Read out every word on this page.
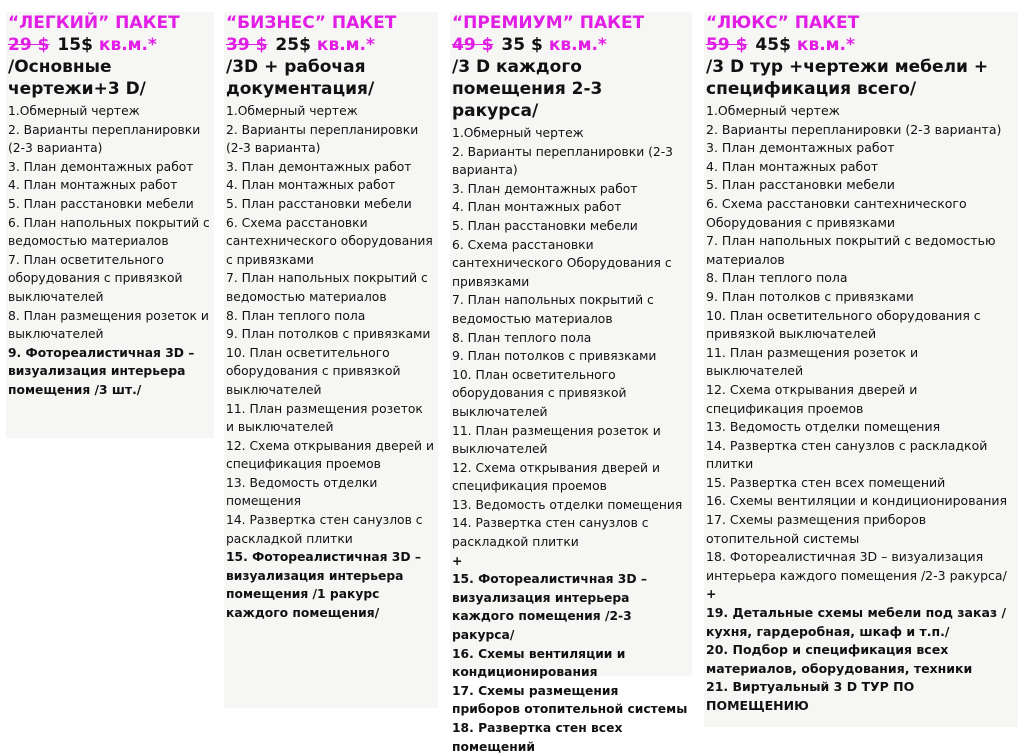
“ЛЕГКИЙ” ПАКЕТ
29 $ 15$ кв.м.*
/Основные чертежи+3 D/
1.Обмерный чертеж
2. Варианты перепланировки (2-3 варианта)
3. План демонтажных работ
4. План монтажных работ
5. План расстановки мебели
6. План напольных покрытий с ведомостью материалов
7. План осветительного оборудования с привязкой выключателей
8. План размещения розеток и выключателей
9. Фотореалистичная 3D – визуализация интерьера помещения /3 шт./
“БИЗНЕС” ПАКЕТ
39 $ 25$ кв.м.*
/3D + рабочая документация/
1.Обмерный чертеж
2. Варианты перепланировки (2-3 варианта)
3. План демонтажных работ
4. План монтажных работ
5. План расстановки мебели
6. Схема расстановки сантехнического оборудования с привязками
7. План напольных покрытий с ведомостью материалов
8. План теплого пола
9. План потолков с привязками
10. План осветительного оборудования с привязкой выключателей
11. План размещения розеток и выключателей
12. Схема открывания дверей и спецификация проемов
13. Ведомость отделки помещения
14. Развертка стен санузлов с раскладкой плитки
15. Фотореалистичная 3D – визуализация интерьера помещения /1 ракурс каждого помещения/
“ПРЕМИУМ” ПАКЕТ
49 $ 35 $ кв.м.*
/3 D каждого помещения 2-3 ракурса/
1.Обмерный чертеж
2. Варианты перепланировки (2-3 варианта)
3. План демонтажных работ
4. План монтажных работ
5. План расстановки мебели
6. Схема расстановки сантехнического Оборудования с привязками
7. План напольных покрытий с ведомостью материалов
8. План теплого пола
9. План потолков с привязками
10. План осветительного оборудования с привязкой выключателей
11. План размещения розеток и выключателей
12. Схема открывания дверей и спецификация проемов
13. Ведомость отделки помещения
14. Развертка стен санузлов с раскладкой плитки
+
15. Фотореалистичная 3D – визуализация интерьера каждого помещения /2-3 ракурса/
16. Схемы вентиляции и кондиционирования
17. Схемы размещения приборов отопительной системы
18. Развертка стен всех помещений
“ЛЮКС” ПАКЕТ
59 $ 45$ кв.м.*
/3 D тур +чертежи мебели + спецификация всего/
1.Обмерный чертеж
2. Варианты перепланировки (2-3 варианта)
3. План демонтажных работ
4. План монтажных работ
5. План расстановки мебели
6. Схема расстановки сантехнического Оборудования с привязками
7. План напольных покрытий с ведомостью материалов
8. План теплого пола
9. План потолков с привязками
10. План осветительного оборудования с привязкой выключателей
11. План размещения розеток и выключателей
12. Схема открывания дверей и спецификация проемов
13. Ведомость отделки помещения
14. Развертка стен санузлов с раскладкой плитки
15. Развертка стен всех помещений
16. Схемы вентиляции и кондиционирования
17. Схемы размещения приборов отопительной системы
18. Фотореалистичная 3D – визуализация интерьера каждого помещения /2-3 ракурса/
+
19. Детальные схемы мебели под заказ /кухня, гардеробная, шкаф и т.п./
20. Подбор и спецификация всех материалов, оборудования, техники
21. Виртуальный 3 D ТУР ПО ПОМЕЩЕНИЮ
